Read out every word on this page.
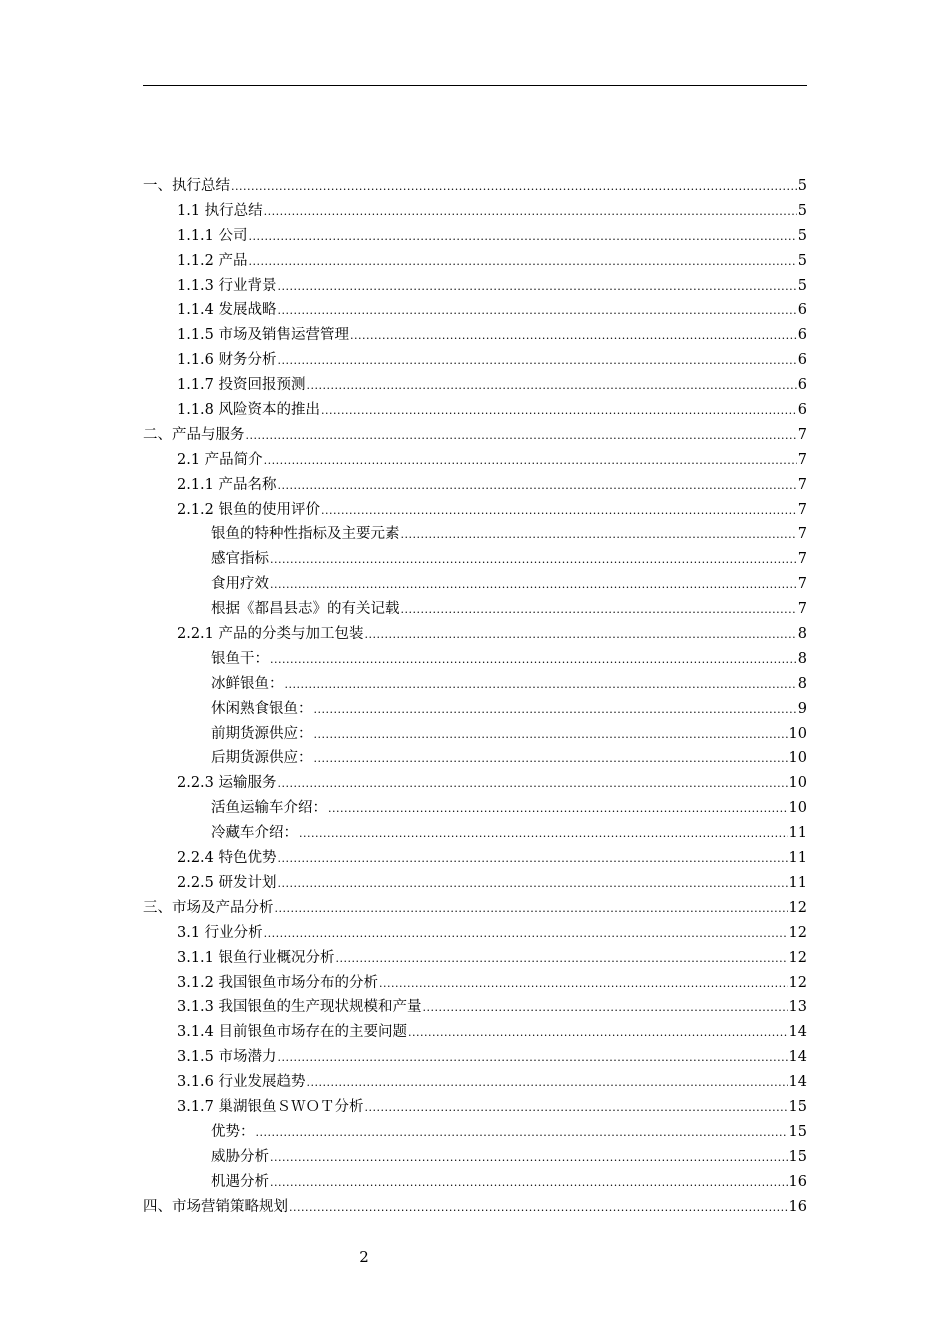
一、执行总结 .....	5
1.1 执行总结 .....	5
1.1.1 公司 .....	5
1.1.2 产品 .....	5
1.1.3 行业背景 .....	5
1.1.4 发展战略 .....	6
1.1.5 市场及销售运营管理 .....	6
1.1.6 财务分析 .....	6
1.1.7 投资回报预测 .....	6
1.1.8 风险资本的推出 .....	6
二、产品与服务 .....	7
2.1 产品简介 .....	7
2.1.1 产品名称 .....	7
2.1.2 银鱼的使用评价 .....	7
银鱼的特种性指标及主要元素 .....	7
感官指标 .....	7
食用疗效 .....	7
根据《都昌县志》的有关记载 .....	7
2.2.1 产品的分类与加工包装 .....	8
银鱼干： .....	8
冰鲜银鱼： .....	8
休闲熟食银鱼： .....	9
前期货源供应： .....	10
后期货源供应： .....	10
2.2.3 运输服务 .....	10
活鱼运输车介绍： .....	10
冷藏车介绍： .....	11
2.2.4 特色优势 .....	11
2.2.5 研发计划 .....	11
三、市场及产品分析 .....	12
3.1 行业分析 .....	12
3.1.1 银鱼行业概况分析 .....	12
3.1.2 我国银鱼市场分布的分析 .....	12
3.1.3 我国银鱼的生产现状规模和产量 .....	13
3.1.4 目前银鱼市场存在的主要问题 .....	14
3.1.5 市场潜力 .....	14
3.1.6 行业发展趋势 .....	14
3.1.7 巢湖银鱼ＳＷＯＴ分析 .....	15
优势： .....	15
威胁分析 .....	15
机遇分析 .....	16
四、市场营销策略规划 .....	16
2
